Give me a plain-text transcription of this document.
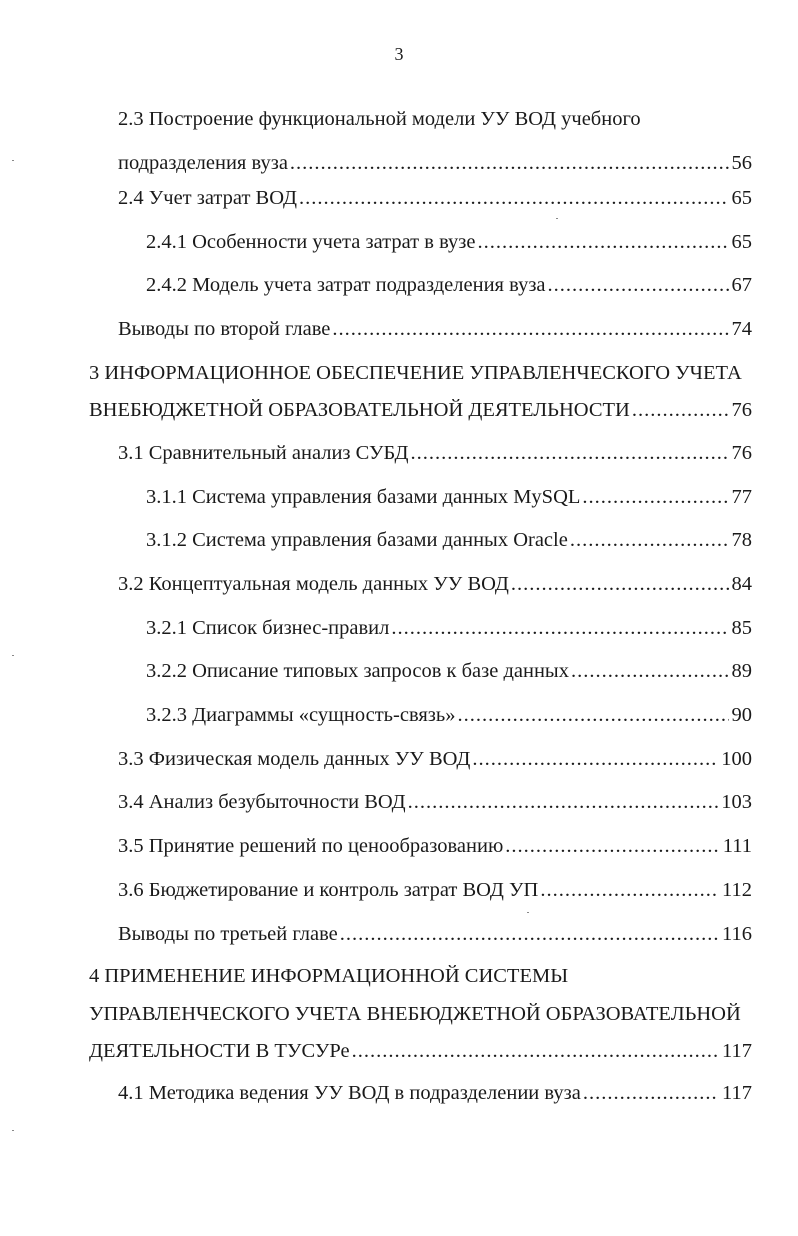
3
2.3 Построение функциональной модели УУ ВОД учебного
подразделения вуза .....	56
2.4 Учет затрат ВОД .....	65
2.4.1 Особенности учета затрат в вузе .....	65
2.4.2 Модель учета затрат подразделения вуза .....	67
Выводы по второй главе .....	74
3 ИНФОРМАЦИОННОЕ ОБЕСПЕЧЕНИЕ УПРАВЛЕНЧЕСКОГО УЧЕТА
ВНЕБЮДЖЕТНОЙ ОБРАЗОВАТЕЛЬНОЙ ДЕЯТЕЛЬНОСТИ .....	76
3.1 Сравнительный анализ СУБД .....	76
3.1.1 Система управления базами данных MySQL .....	77
3.1.2 Система управления базами данных Oracle .....	78
3.2 Концептуальная модель данных УУ ВОД .....	84
3.2.1 Список бизнес-правил .....	85
3.2.2 Описание типовых запросов к базе данных .....	89
3.2.3 Диаграммы «сущность-связь» .....	90
3.3 Физическая модель данных УУ ВОД .....	100
3.4 Анализ безубыточности ВОД .....	103
3.5 Принятие решений по ценообразованию .....	111
3.6 Бюджетирование и контроль затрат ВОД УП .....	112
Выводы по третьей главе .....	116
4 ПРИМЕНЕНИЕ ИНФОРМАЦИОННОЙ СИСТЕМЫ
УПРАВЛЕНЧЕСКОГО УЧЕТА ВНЕБЮДЖЕТНОЙ ОБРАЗОВАТЕЛЬНОЙ
ДЕЯТЕЛЬНОСТИ В ТУСУРе .....	117
4.1 Методика ведения УУ ВОД в подразделении вуза .....	117
